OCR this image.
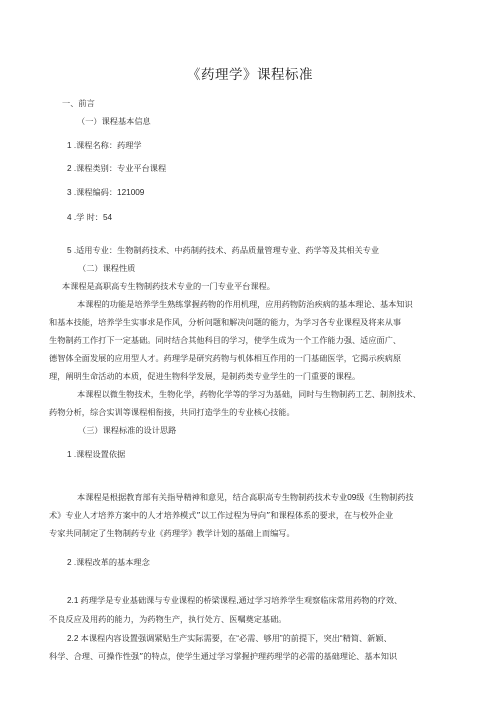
《药理学》课程标准
一、前言
（一）课程基本信息
1 .课程名称：药理学
2 .课程类别：专业平台课程
3 .课程编码：121009
4 .学 时：54
5 .适用专业：生物制药技术、中药制药技术、药品质量管理专业、药学等及其相关专业
（二）课程性质
本课程是高职高专生物制药技术专业的一门专业平台课程。
本课程的功能是培养学生熟练掌握药物的作用机理，应用药物防治疾病的基本理论、基本知识
和基本技能，培养学生实事求是作风，分析问题和解决问题的能力，为学习各专业课程及将来从事
生物制药工作打下一定基础。同时结合其他科目的学习，使学生成为一个工作能力强、适应面广、
德智体全面发展的应用型人才。药理学是研究药物与机体相互作用的一门基础医学，它揭示疾病原
理，阐明生命活动的本质，促进生物科学发展，是制药类专业学生的一门重要的课程。
本课程以微生物技术，生物化学，药物化学等的学习为基础，同时与生物制药工艺、制剂技术、
药物分析，综合实训等课程相衔接，共同打造学生的专业核心技能。
（三）课程标准的设计思路
1 .课程设置依据
本课程是根据教育部有关指导精神和意见，结合高职高专生物制药技术专业09级《生物制药技
术》专业人才培养方案中的人才培养模式”以工作过程为导向”和课程体系的要求，在与校外企业
专家共同制定了生物制药专业《药理学》教学计划的基础上而编写。
2 .课程改革的基本理念
2.1 药理学是专业基础课与专业课程的桥梁课程,通过学习培养学生观察临床常用药物的疗效、
不良反应及用药的能力，为药物生产，执行处方、医嘱奠定基础。
2.2 本课程内容设置强调紧贴生产实际需要，在“必需、够用”的前提下，突出“精简、新颖、
科学、合理、可操作性强”的特点，使学生通过学习掌握护理药理学的必需的基础理论、基本知识
